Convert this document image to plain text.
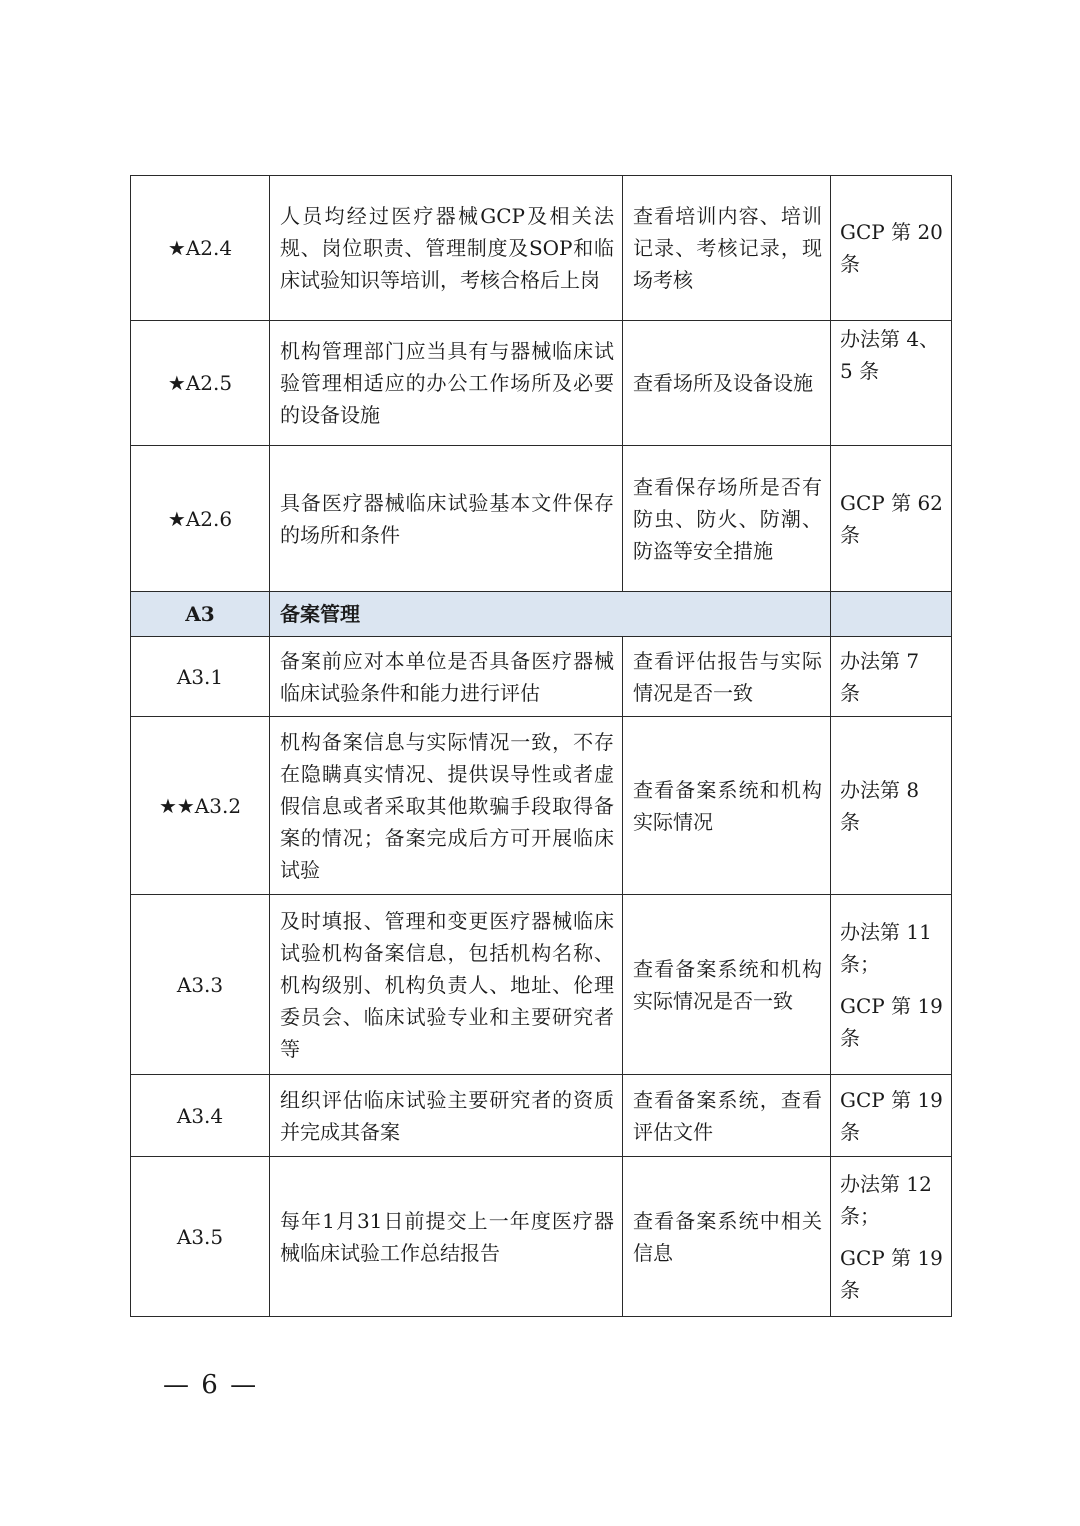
★A2.4	人员均经过医疗器械GCP及相关法规、岗位职责、管理制度及SOP和临床试验知识等培训，考核合格后上岗	查看培训内容、培训记录、考核记录，现场考核	GCP 第 20 条

★A2.5	机构管理部门应当具有与器械临床试验管理相适应的办公工作场所及必要的设备设施	查看场所及设备设施	办法第 4、5 条

★A2.6	具备医疗器械临床试验基本文件保存的场所和条件	查看保存场所是否有防虫、防火、防潮、防盗等安全措施	GCP 第 62 条

A3	备案管理		
A3.1	备案前应对本单位是否具备医疗器械临床试验条件和能力进行评估	查看评估报告与实际情况是否一致	办法第 7 条

★★A3.2	机构备案信息与实际情况一致，不存在隐瞒真实情况、提供误导性或者虚假信息或者采取其他欺骗手段取得备案的情况；备案完成后方可开展临床试验	查看备案系统和机构实际情况	办法第 8 条

A3.3	及时填报、管理和变更医疗器械临床试验机构备案信息，包括机构名称、机构级别、机构负责人、地址、伦理委员会、临床试验专业和主要研究者等	查看备案系统和机构实际情况是否一致	办法第 11 条；
GCP 第 19 条

A3.4	组织评估临床试验主要研究者的资质并完成其备案	查看备案系统，查看评估文件	GCP 第 19 条

A3.5	每年1月31日前提交上一年度医疗器械临床试验工作总结报告	查看备案系统中相关信息	办法第 12 条；
GCP 第 19 条
— 6 —
